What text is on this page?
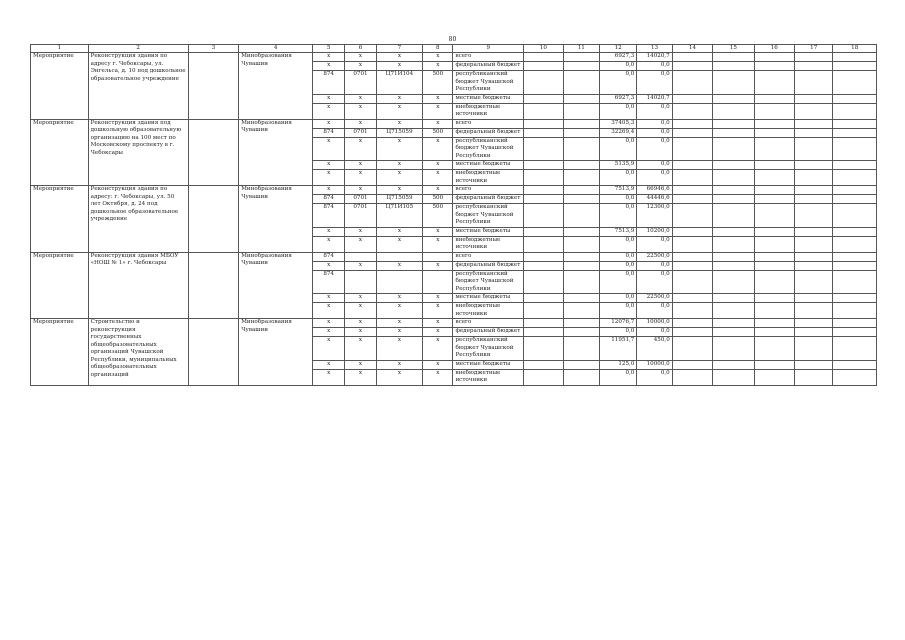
80
1	2	3	4	5	6	7	8	9	10	11	12	13	14	15	16	17	18
Мероприятие	Реконструкция здания по адресу г. Чебоксары, ул. Энгельса, д. 10 под дошкольное образовательное учреждение		Минобразования Чувашии	x	x	x	x	всего			6927,3	14020,7					
				x	x	x	x	федеральный бюджет			0,0	0,0					
				874	0701	Ц71И104	500	республиканский бюджет Чувашской Республики			0,0	0,0					
				x	x	x	x	местные бюджеты			6927,3	14020,7					
				x	x	x	x	внебюджетные источники			0,0	0,0					
Мероприятие	Реконструкция здания под дошкольную образовательную организацию на 100 мест по Московскому проспекту в г. Чебоксары		Минобразования Чувашии	x	x	x	x	всего			37405,3	0,0					
				874	0701	Ц715059	500	федеральный бюджет			32269,4	0,0					
				x	x	x	x	республиканский бюджет Чувашской Республики			0,0	0,0					
				x	x	x	x	местные бюджеты			5135,9	0,0					
				x	x	x	x	внебюджетные источники			0,0	0,0					
Мероприятие	Реконструкция здания по адресу: г. Чебоксары, ул. 50 лет Октября, д. 24 под дошкольное образовательное учреждение		Минобразования Чувашии	x	x	x	x	всего			7513,9	66946,6					
				874	0701	Ц715059	500	федеральный бюджет			0,0	44446,6					
				874	0701	Ц71И105	500	республиканский бюджет Чувашской Республики			0,0	12300,0					
				x	x	x	x	местные бюджеты			7513,9	10200,0					
				x	x	x	x	внебюджетные источники			0,0	0,0					
Мероприятие	Реконструкция здания МБОУ «НОШ № 1» г. Чебоксары		Минобразования Чувашии	874				всего			0,0	22500,0					
				x	x	x	x	федеральный бюджет			0,0	0,0					
				874				республиканский бюджет Чувашской Республики			0,0	0,0					
				x	x	x	x	местные бюджеты			0,0	22500,0					
				x	x	x	x	внебюджетные источники			0,0	0,0					
Мероприятие	Строительство и реконструкция государственных общеобразовательных организаций Чувашской Республики, муниципальных общеобразовательных организаций		Минобразования Чувашии	x	x	x	x	всего			12076,7	10000,0					
				x	x	x	x	федеральный бюджет			0,0	0,0					
				x	x	x	x	республиканский бюджет Чувашской Республики			11951,7	450,0					
				x	x	x	x	местные бюджеты			125,0	10000,0					
				x	x	x	x	внебюджетные источники			0,0	0,0					
